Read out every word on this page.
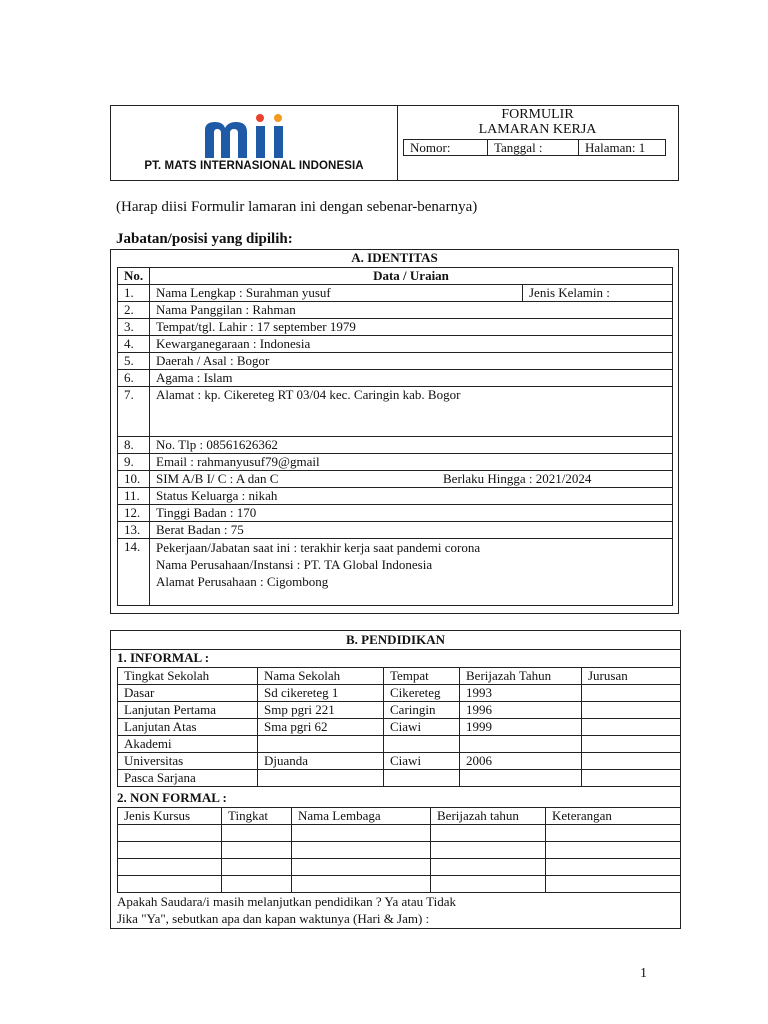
PT. MATS INTERNASIONAL INDONESIA
FORMULIR
LAMARAN KERJA
Nomor:	Tanggal :	Halaman: 1
(Harap diisi Formulir lamaran ini dengan sebenar-benarnya)
Jabatan/posisi yang dipilih:
A. IDENTITAS
No.	Data / Uraian	
1.	Nama Lengkap : Surahman yusuf	Jenis Kelamin :
2.	Nama Panggilan : Rahman	
3.	Tempat/tgl. Lahir : 17 september 1979	
4.	Kewarganegaraan : Indonesia	
5.	Daerah / Asal : Bogor	
6.	Agama : Islam	
7.	Alamat : kp. Cikereteg RT 03/04 kec. Caringin kab. Bogor	
8.	No. Tlp : 08561626362	
9.	Email : rahmanyusuf79@gmail	
10.	SIM A/B I/ C : A dan C Berlaku Hingga : 2021/2024	
11.	Status Keluarga : nikah	
12.	Tinggi Badan : 170	
13.	Berat Badan : 75	
14.	Pekerjaan/Jabatan saat ini : terakhir kerja saat pandemi corona
Nama Perusahaan/Instansi : PT. TA Global Indonesia
Alamat Perusahaan : Cigombong	
B. PENDIDIKAN
1. INFORMAL :
Tingkat Sekolah	Nama Sekolah	Tempat	Berijazah Tahun	Jurusan
Dasar	Sd cikereteg 1	Cikereteg	1993	
Lanjutan Pertama	Smp pgri 221	Caringin	1996	
Lanjutan Atas	Sma pgri 62	Ciawi	1999	
Akademi				
Universitas	Djuanda	Ciawi	2006	
Pasca Sarjana				
2. NON FORMAL :
Jenis Kursus	Tingkat	Nama Lembaga	Berijazah tahun	Keterangan

Apakah Saudara/i masih melanjutkan pendidikan ? Ya atau Tidak
Jika "Ya", sebutkan apa dan kapan waktunya (Hari & Jam) :
1
